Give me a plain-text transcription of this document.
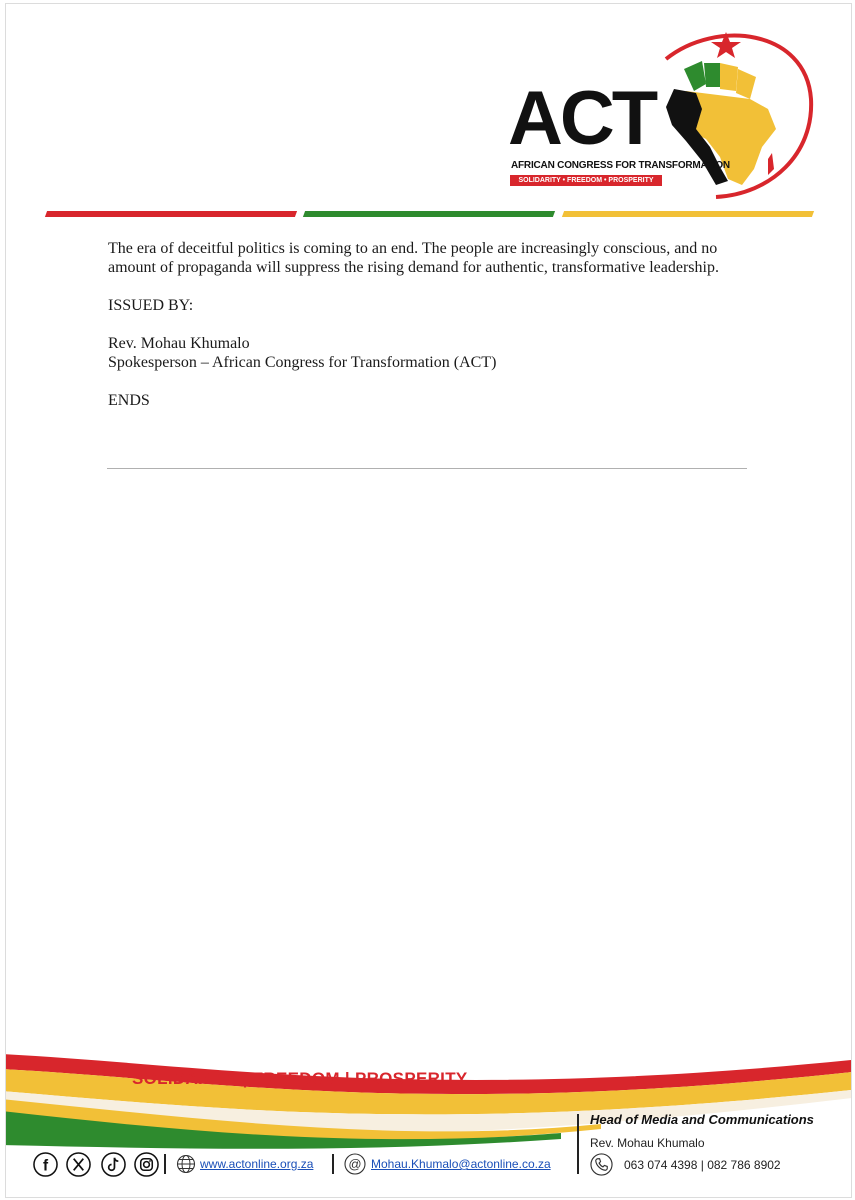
ACT
AFRICAN CONGRESS FOR TRANSFORMATION
SOLIDARITY • FREEDOM • PROSPERITY

The era of deceitful politics is coming to an end. The people are increasingly conscious, and no amount of propaganda will suppress the rising demand for authentic, transformative leadership.

ISSUED BY:

Rev. Mohau Khumalo

Spokesperson – African Congress for Transformation (ACT)

ENDS

SOLIDARITY | FREEDOM | PROSPERITY
Head of Media and Communications
Rev. Mohau Khumalo
063 074 4398 | 082 786 8902
f	www.actonline.org.za	@ Mohau.Khumalo@actonline.co.za
